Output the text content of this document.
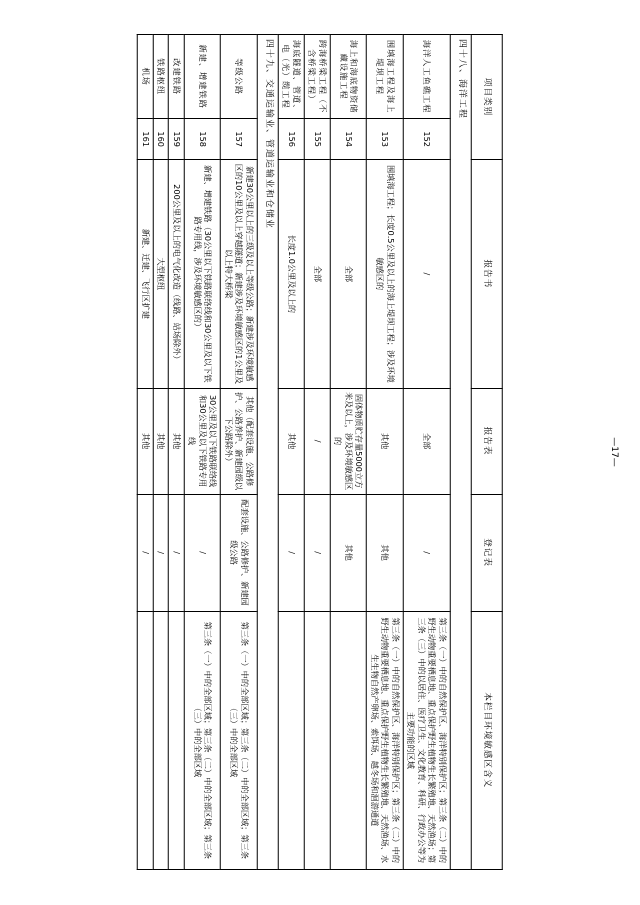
项目类别		报告书	报告表	登记表	本栏目环境敏感区含义
四十八、海洋工程					
海洋人工鱼礁工程	152	/	全部	/	第三条（一）中的自然保护区、海洋特别保护区；第三条（二）中的野生动物重要栖息地、重点保护野生植物生长繁殖地、天然渔场；第三条（三）中的以居住、医疗卫生、文化教育、科研、行政办公等为主要功能的区域
围填海工程及海上堤坝工程	153	围填海工程；长度0.5公里及以上的海上堤坝工程；涉及环境敏感区的	其他	其他	第三条（一）中的自然保护区、海洋特别保护区；第三条（二）中的野生动物重要栖息地、重点保护野生植物生长繁殖地、天然渔场、水生生物自然产卵场、索饵场、越冬场和洄游通道
海上和海底物资储藏设施工程	154	全部	固体物质贮存量5000立方米及以上，涉及环境敏感区的	其他	
跨海桥梁工程（不含桥梁工程）	155	全部	/	/	
海底隧道、管道、电（光）缆工程	156	长度1.0公里及以上的	其他	/	
四十九、交通运输业、管道运输业和仓储业					
等级公路	157	新建30公里以上的三级及以上等级公路；新建涉及环境敏感区的10公里及以上穿越隧道；新建涉及环境敏感区的1公里及以上特大桥梁	其他（配套设施、公路修护、公路养护、新建园级以下公路除外）	配套设施、公路修护、新建园级公路	第三条（一）中的全部区域；第三条（二）中的全部区域；第三条（三）中的全部区域
新建、增建铁路	158	新建、增建铁路（30公里以下铁路联络线和30公里及以下铁路专用线，涉及环境敏感区的）	30公里及以下铁路联络线和30公里及以下铁路专用线	/	第三条（一）中的全部区域；第三条（二）中的全部区域；第三条（三）中的全部区域
改建铁路	159	200公里及以上的电气化改造（线路、站场除外）	其他	/	
铁路枢纽	160	大型枢纽	其他	/	
机场	161	新建、迁建、飞行区扩建	其他	/	
—17—
